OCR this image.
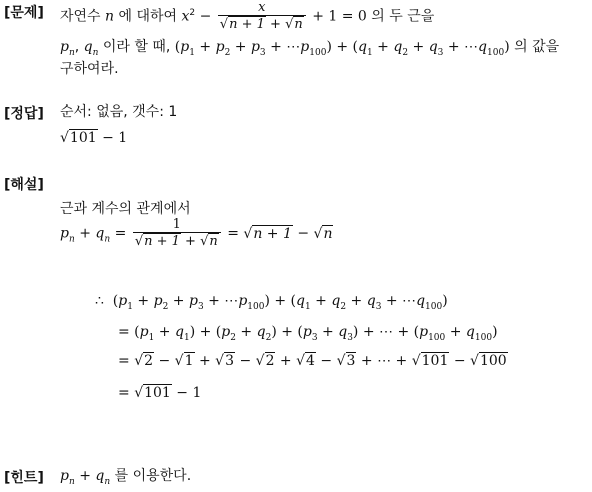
[문제] 자연수 n 에 대하여 $x^2 - \frac{x}{√n + 1 + √n} + 1 = 0$ 의 두 근을
$p_n$, $q_n$ 이라 할 때, ($p_1 + p_2 + p_3$ + $\cdots p_{100}) + (q_1 + q_2 + q_3$ + $\cdots q_{100}$) 의 값을
구하여라.
[정답] 순서: 없음, 갯수: 1
√101 − 1
[해설]
근과 계수의 관계에서
$p_n + q_n = \frac{1}{√n + 1 + √n} = √n + 1 - √n$
∴  ($p_1 + p_2 + p_3$ + $\cdots p_{100}) + (q_1 + q_2 + q_3$ + $\cdots q_{100}$)
= $(p_1 + q_1) + (p_2 + q_2) + (p_3 + q_3)$ + ⋯ + $(p_{100} + q_{100})$
= √2 − √1 + √3 − √2 + √4 − √3 + ⋯ + √101 − √100
= √101 − 1
[힌트] $p_n + q_n$ 를 이용한다.
